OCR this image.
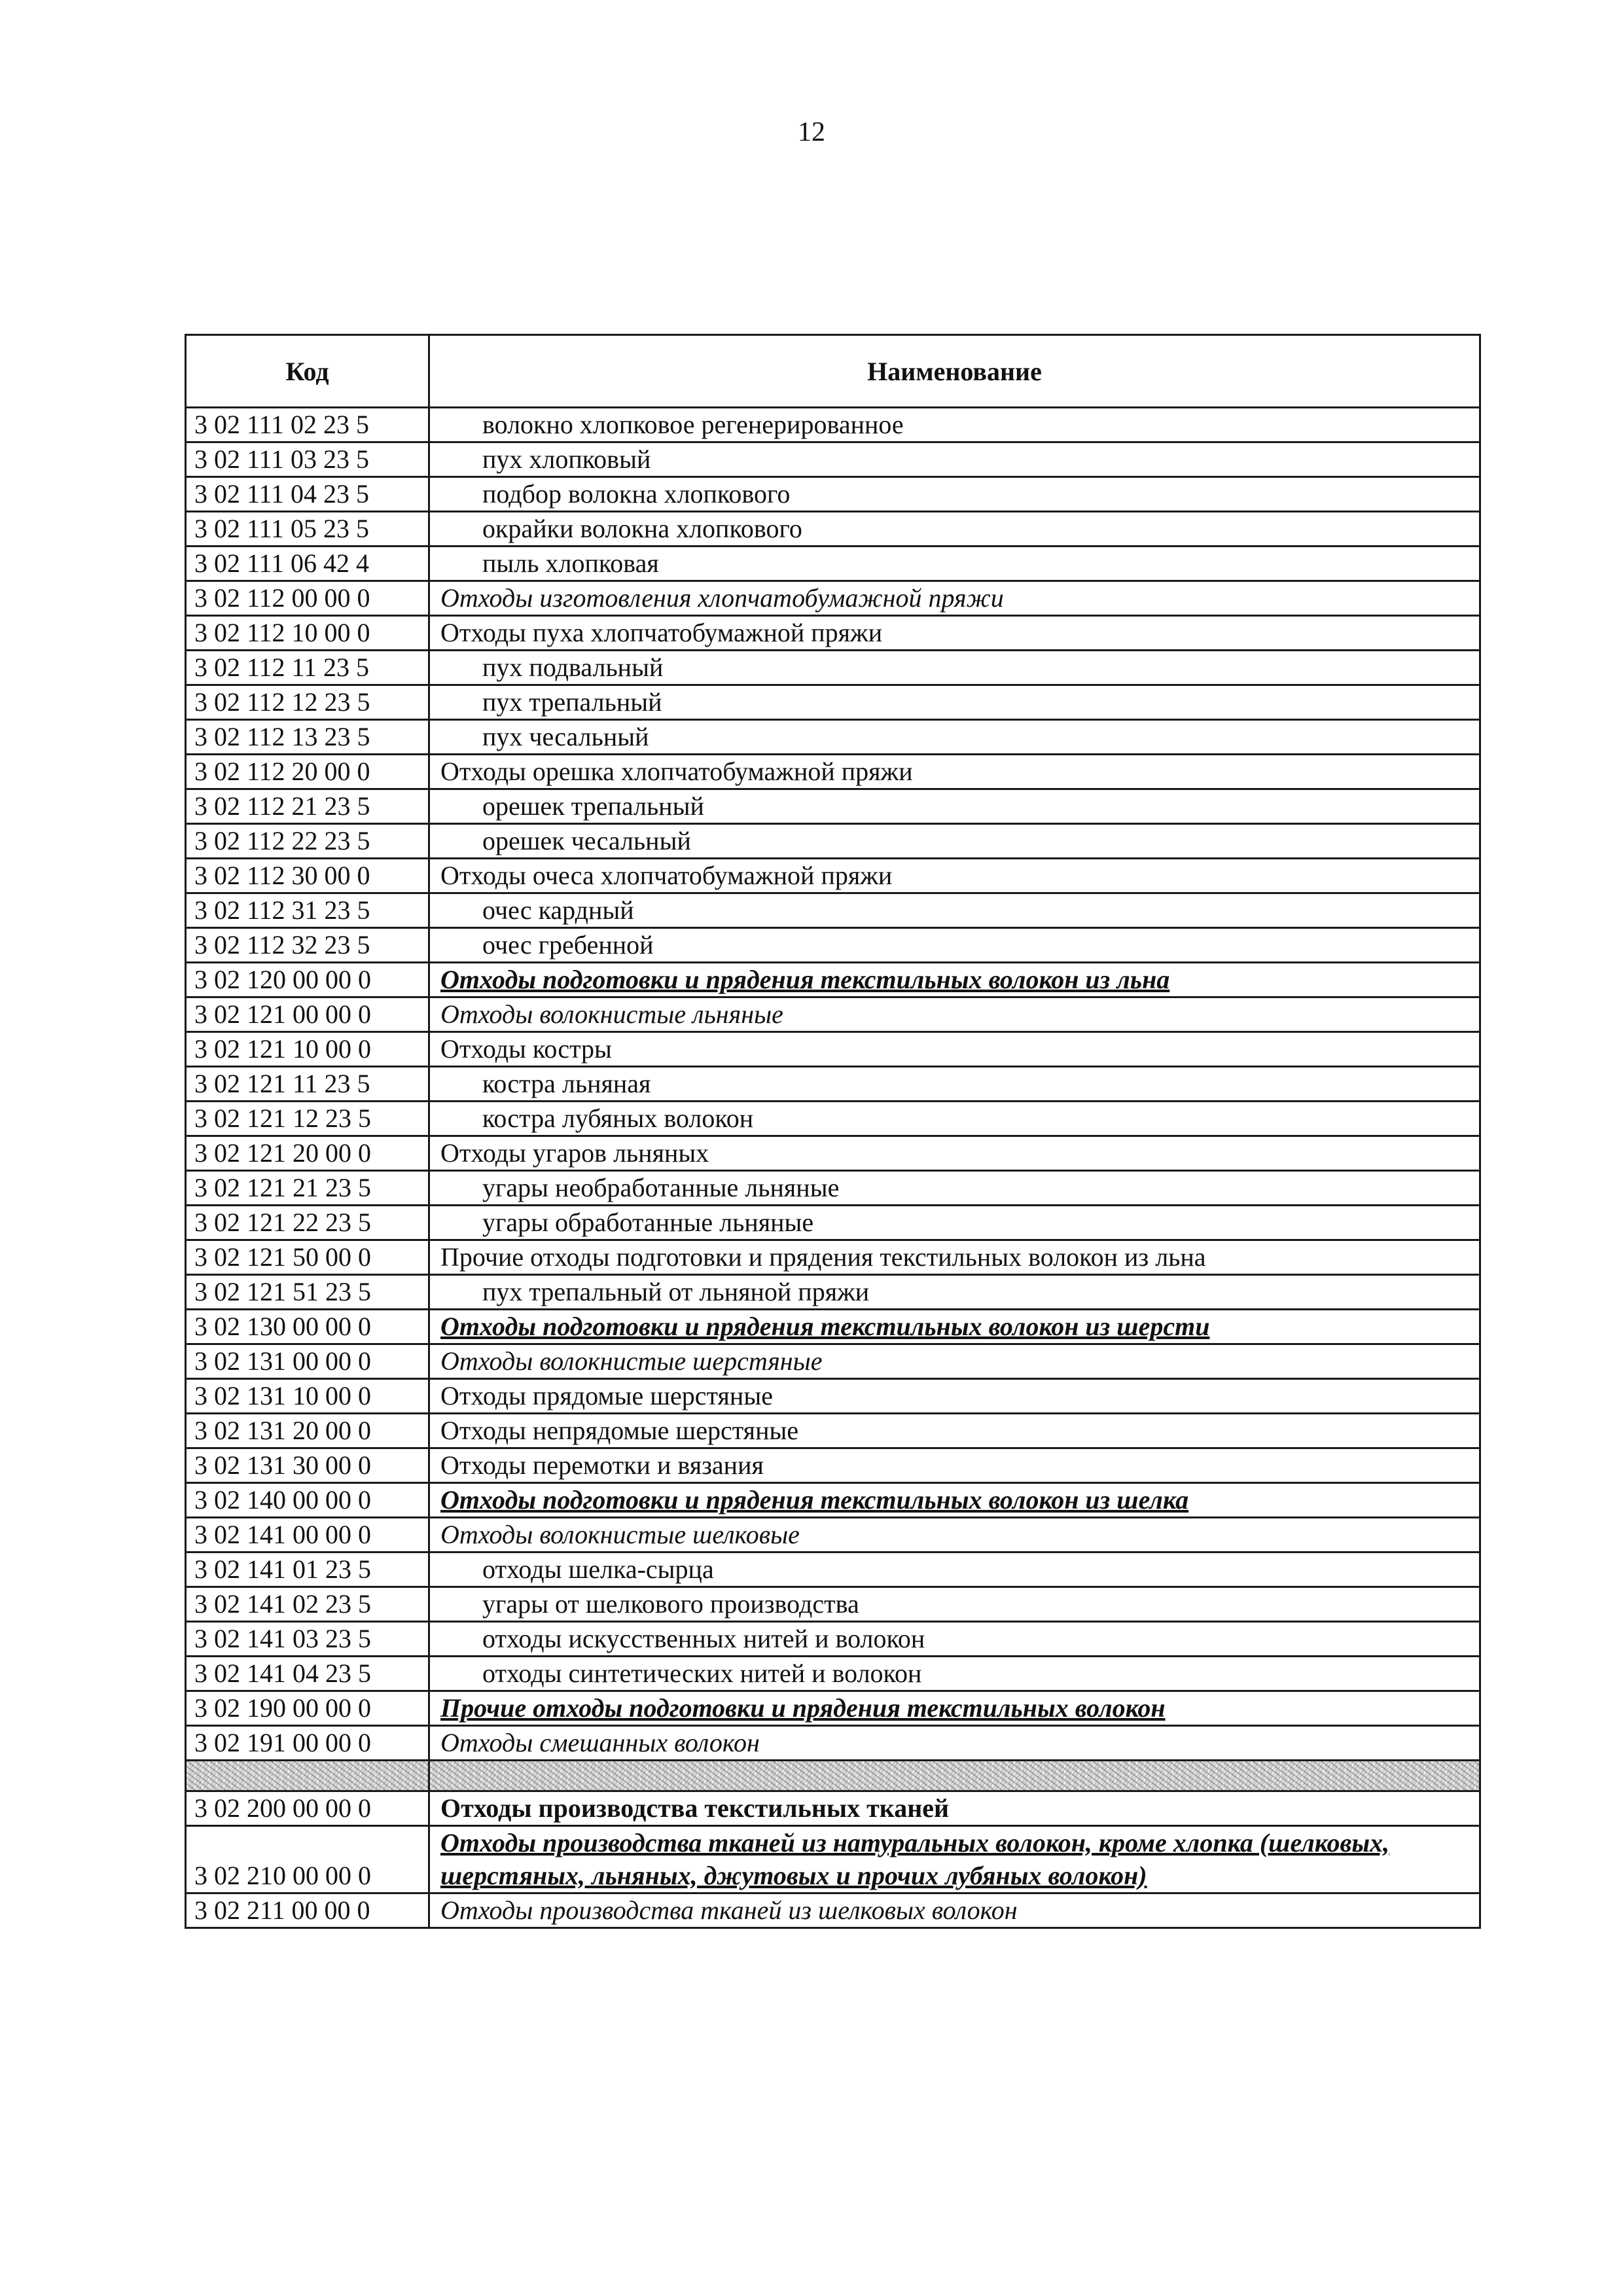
12
Код	Наименование
3 02 111 02 23 5	волокно хлопковое регенерированное
3 02 111 03 23 5	пух хлопковый
3 02 111 04 23 5	подбор волокна хлопкового
3 02 111 05 23 5	окрайки волокна хлопкового
3 02 111 06 42 4	пыль хлопковая
3 02 112 00 00 0	Отходы изготовления хлопчатобумажной пряжи
3 02 112 10 00 0	Отходы пуха хлопчатобумажной пряжи
3 02 112 11 23 5	пух подвальный
3 02 112 12 23 5	пух трепальный
3 02 112 13 23 5	пух чесальный
3 02 112 20 00 0	Отходы орешка хлопчатобумажной пряжи
3 02 112 21 23 5	орешек трепальный
3 02 112 22 23 5	орешек чесальный
3 02 112 30 00 0	Отходы очеса хлопчатобумажной пряжи
3 02 112 31 23 5	очес кардный
3 02 112 32 23 5	очес гребенной
3 02 120 00 00 0	Отходы подготовки и прядения текстильных волокон из льна
3 02 121 00 00 0	Отходы волокнистые льняные
3 02 121 10 00 0	Отходы костры
3 02 121 11 23 5	костра льняная
3 02 121 12 23 5	костра лубяных волокон
3 02 121 20 00 0	Отходы угаров льняных
3 02 121 21 23 5	угары необработанные льняные
3 02 121 22 23 5	угары обработанные льняные
3 02 121 50 00 0	Прочие отходы подготовки и прядения текстильных волокон из льна
3 02 121 51 23 5	пух трепальный от льняной пряжи
3 02 130 00 00 0	Отходы подготовки и прядения текстильных волокон из шерсти
3 02 131 00 00 0	Отходы волокнистые шерстяные
3 02 131 10 00 0	Отходы прядомые шерстяные
3 02 131 20 00 0	Отходы непрядомые шерстяные
3 02 131 30 00 0	Отходы перемотки и вязания
3 02 140 00 00 0	Отходы подготовки и прядения текстильных волокон из шелка
3 02 141 00 00 0	Отходы волокнистые шелковые
3 02 141 01 23 5	отходы шелка-сырца
3 02 141 02 23 5	угары от шелкового производства
3 02 141 03 23 5	отходы искусственных нитей и волокон
3 02 141 04 23 5	отходы синтетических нитей и волокон
3 02 190 00 00 0	Прочие отходы подготовки и прядения текстильных волокон
3 02 191 00 00 0	Отходы смешанных волокон

3 02 200 00 00 0	Отходы производства текстильных тканей
3 02 210 00 00 0	Отходы производства тканей из натуральных волокон, кроме хлопка (шелковых, шерстяных, льняных, джутовых и прочих лубяных волокон)
3 02 211 00 00 0	Отходы производства тканей из шелковых волокон
